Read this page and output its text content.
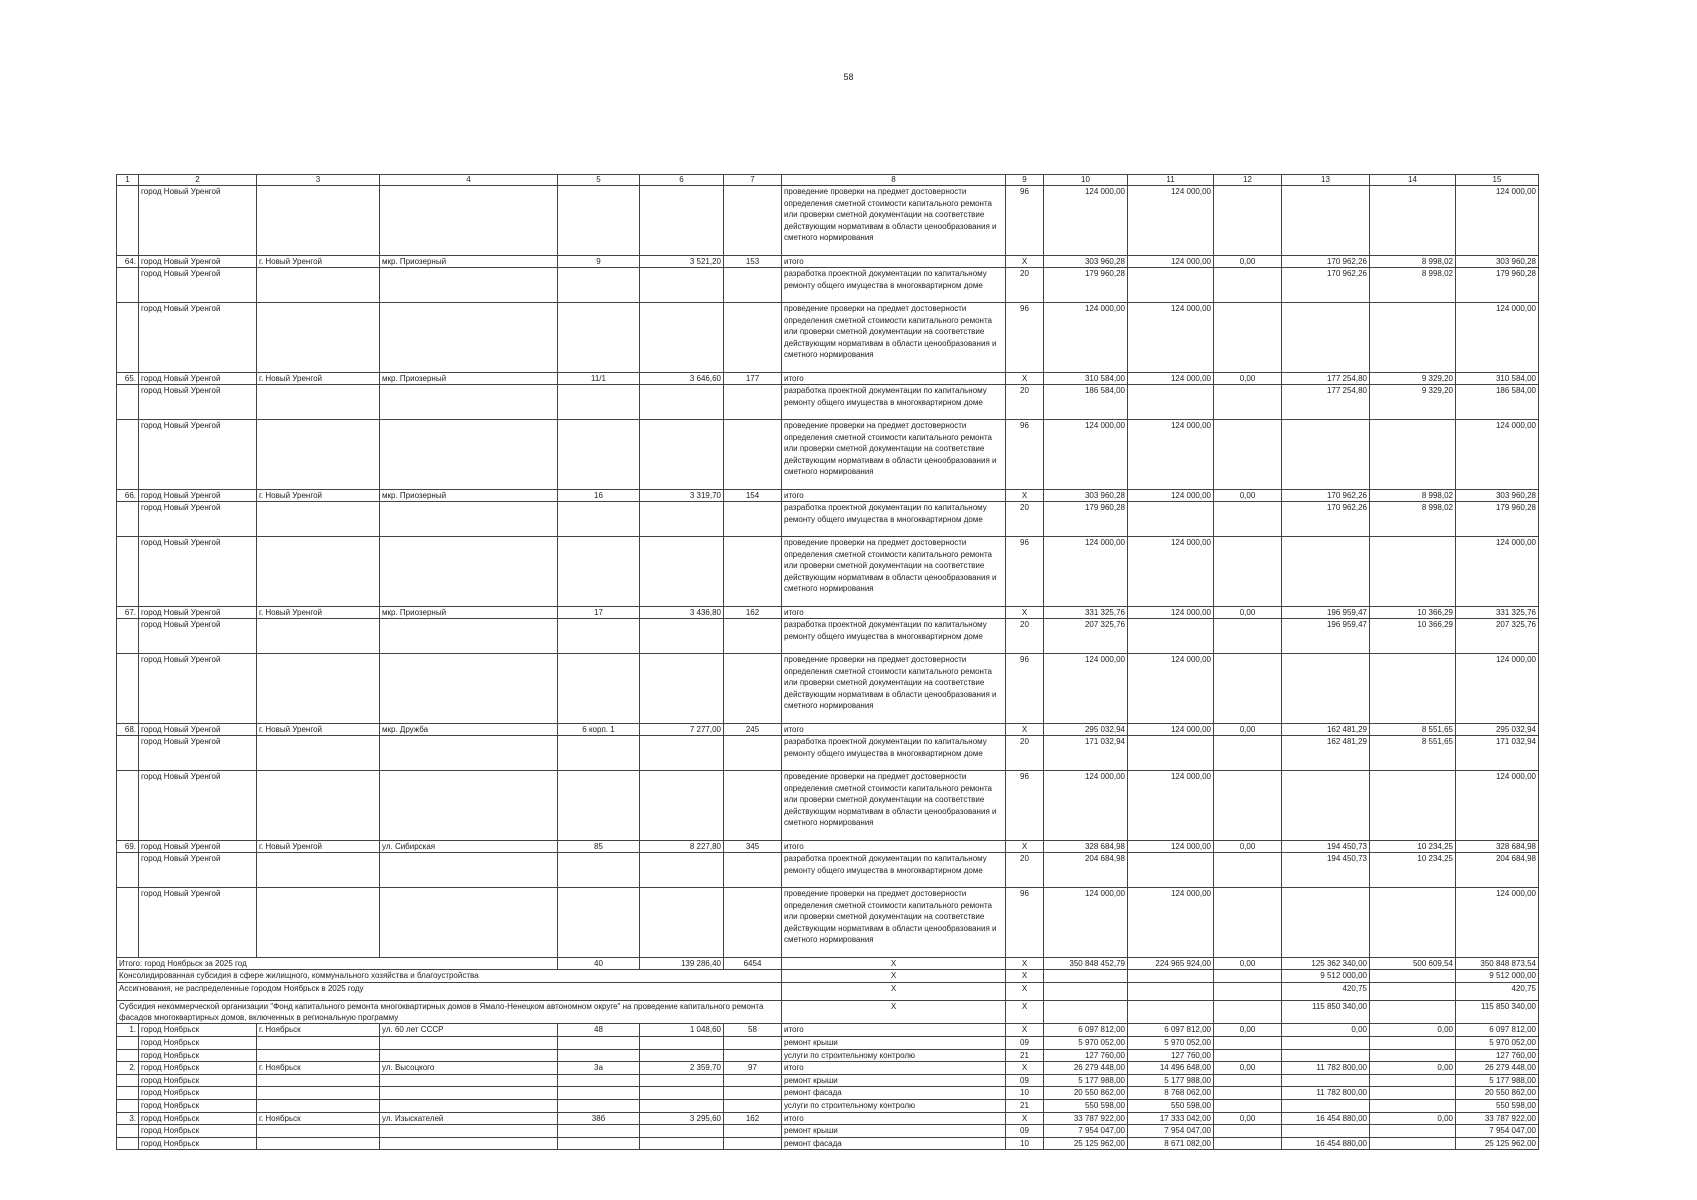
58
1	2	3	4	5	6	7	8	9	10	11	12	13	14	15
	город Новый Уренгой						проведение проверки на предмет достоверности определения сметной стоимости капитального ремонта или проверки сметной документации на соответствие действующим нормативам в области ценообразования и сметного нормирования	96	124 000,00	124 000,00				124 000,00
64.	город Новый Уренгой	г. Новый Уренгой	мкр. Приозерный	9	3 521,20	153	итого	X	303 960,28	124 000,00	0,00	170 962,26	8 998,02	303 960,28
	город Новый Уренгой						разработка проектной документации по капитальному ремонту общего имущества в многоквартирном доме	20	179 960,28			170 962,26	8 998,02	179 960,28
	город Новый Уренгой						проведение проверки на предмет достоверности определения сметной стоимости капитального ремонта или проверки сметной документации на соответствие действующим нормативам в области ценообразования и сметного нормирования	96	124 000,00	124 000,00				124 000,00
65.	город Новый Уренгой	г. Новый Уренгой	мкр. Приозерный	11/1	3 646,60	177	итого	X	310 584,00	124 000,00	0,00	177 254,80	9 329,20	310 584,00
	город Новый Уренгой						разработка проектной документации по капитальному ремонту общего имущества в многоквартирном доме	20	186 584,00			177 254,80	9 329,20	186 584,00
	город Новый Уренгой						проведение проверки на предмет достоверности определения сметной стоимости капитального ремонта или проверки сметной документации на соответствие действующим нормативам в области ценообразования и сметного нормирования	96	124 000,00	124 000,00				124 000,00
66.	город Новый Уренгой	г. Новый Уренгой	мкр. Приозерный	16	3 319,70	154	итого	X	303 960,28	124 000,00	0,00	170 962,26	8 998,02	303 960,28
	город Новый Уренгой						разработка проектной документации по капитальному ремонту общего имущества в многоквартирном доме	20	179 960,28			170 962,26	8 998,02	179 960,28
	город Новый Уренгой						проведение проверки на предмет достоверности определения сметной стоимости капитального ремонта или проверки сметной документации на соответствие действующим нормативам в области ценообразования и сметного нормирования	96	124 000,00	124 000,00				124 000,00
67.	город Новый Уренгой	г. Новый Уренгой	мкр. Приозерный	17	3 436,80	162	итого	X	331 325,76	124 000,00	0,00	196 959,47	10 366,29	331 325,76
	город Новый Уренгой						разработка проектной документации по капитальному ремонту общего имущества в многоквартирном доме	20	207 325,76			196 959,47	10 366,29	207 325,76
	город Новый Уренгой						проведение проверки на предмет достоверности определения сметной стоимости капитального ремонта или проверки сметной документации на соответствие действующим нормативам в области ценообразования и сметного нормирования	96	124 000,00	124 000,00				124 000,00
68.	город Новый Уренгой	г. Новый Уренгой	мкр. Дружба	6 корп. 1	7 277,00	245	итого	X	295 032,94	124 000,00	0,00	162 481,29	8 551,65	295 032,94
	город Новый Уренгой						разработка проектной документации по капитальному ремонту общего имущества в многоквартирном доме	20	171 032,94			162 481,29	8 551,65	171 032,94
	город Новый Уренгой						проведение проверки на предмет достоверности определения сметной стоимости капитального ремонта или проверки сметной документации на соответствие действующим нормативам в области ценообразования и сметного нормирования	96	124 000,00	124 000,00				124 000,00
69.	город Новый Уренгой	г. Новый Уренгой	ул. Сибирская	85	8 227,80	345	итого	X	328 684,98	124 000,00	0,00	194 450,73	10 234,25	328 684,98
	город Новый Уренгой						разработка проектной документации по капитальному ремонту общего имущества в многоквартирном доме	20	204 684,98			194 450,73	10 234,25	204 684,98
	город Новый Уренгой						проведение проверки на предмет достоверности определения сметной стоимости капитального ремонта или проверки сметной документации на соответствие действующим нормативам в области ценообразования и сметного нормирования	96	124 000,00	124 000,00				124 000,00
Итого: город Ноябрьск за 2025 год				40	139 286,40	6454	X	X	350 848 452,79	224 965 924,00	0,00	125 362 340,00	500 609,54	350 848 873,54
Консолидированная субсидия в сфере жилищного, коммунального хозяйства и благоустройства							X	X				9 512 000,00		9 512 000,00
Ассигнования, не распределенные городом Ноябрьск в 2025 году							X	X				420,75		420,75
Субсидия некоммерческой организации "Фонд капитального ремонта многоквартирных домов в Ямало-Ненецком автономном округе" на проведение капитального ремонта фасадов многоквартирных домов, включенных в региональную программу							X	X				115 850 340,00		115 850 340,00
1.	город Ноябрьск	г. Ноябрьск	ул. 60 лет СССР	48	1 048,60	58	итого	X	6 097 812,00	6 097 812,00	0,00	0,00	0,00	6 097 812,00
	город Ноябрьск						ремонт крыши	09	5 970 052,00	5 970 052,00				5 970 052,00
	город Ноябрьск						услуги по строительному контролю	21	127 760,00	127 760,00				127 760,00
2.	город Ноябрьск	г. Ноябрьск	ул. Высоцкого	3а	2 359,70	97	итого	X	26 279 448,00	14 496 648,00	0,00	11 782 800,00	0,00	26 279 448,00
	город Ноябрьск						ремонт крыши	09	5 177 988,00	5 177 988,00				5 177 988,00
	город Ноябрьск						ремонт фасада	10	20 550 862,00	8 768 062,00		11 782 800,00		20 550 862,00
	город Ноябрьск						услуги по строительному контролю	21	550 598,00	550 598,00				550 598,00
3.	город Ноябрьск	г. Ноябрьск	ул. Изыскателей	38б	3 295,60	162	итого	X	33 787 922,00	17 333 042,00	0,00	16 454 880,00	0,00	33 787 922,00
	город Ноябрьск						ремонт крыши	09	7 954 047,00	7 954 047,00				7 954 047,00
	город Ноябрьск						ремонт фасада	10	25 125 962,00	8 671 082,00		16 454 880,00		25 125 962,00
